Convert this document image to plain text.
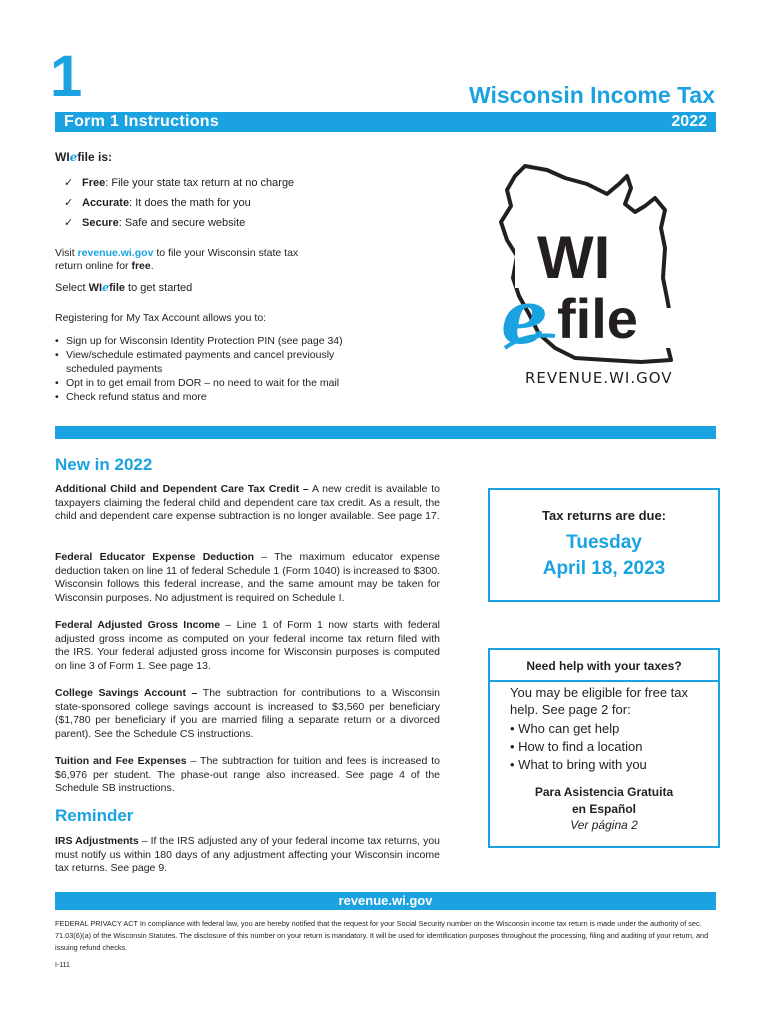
1	Wisconsin Income Tax
Form 1 Instructions	2022
WIefile is:
✓ Free: File your state tax return at no charge
✓ Accurate: It does the math for you
✓ Secure: Safe and secure website
Visit revenue.wi.gov to file your Wisconsin state tax return online for free.
Select WIefile to get started
Registering for My Tax Account allows you to:
• Sign up for Wisconsin Identity Protection PIN (see page 34)
• View/schedule estimated payments and cancel previously scheduled payments
• Opt in to get email from DOR – no need to wait for the mail
• Check refund status and more
WI
e file
REVENUE.WI.GOV
New in 2022
Additional Child and Dependent Care Tax Credit – A new credit is available to taxpayers claiming the federal child and dependent care tax credit. As a result, the child and dependent care expense subtraction is no longer available. See page 17.
Federal Educator Expense Deduction – The maximum educator expense deduction taken on line 11 of federal Schedule 1 (Form 1040) is increased to $300. Wisconsin follows this federal increase, and the same amount may be taken for Wisconsin purposes. No adjustment is required on Schedule I.
Federal Adjusted Gross Income – Line 1 of Form 1 now starts with federal adjusted gross income as computed on your federal income tax return filed with the IRS. Your federal adjusted gross income for Wisconsin purposes is computed on line 3 of Form 1. See page 13.
College Savings Account – The subtraction for contributions to a Wisconsin state-sponsored college savings account is increased to $3,560 per beneficiary ($1,780 per beneficiary if you are married filing a separate return or a divorced parent). See the Schedule CS instructions.
Tuition and Fee Expenses – The subtraction for tuition and fees is increased to $6,976 per student. The phase-out range also increased. See page 4 of the Schedule SB instructions.
Reminder
IRS Adjustments – If the IRS adjusted any of your federal income tax returns, you must notify us within 180 days of any adjustment affecting your Wisconsin income tax returns. See page 9.
Tax returns are due:
Tuesday
April 18, 2023
Need help with your taxes?
You may be eligible for free tax help. See page 2 for:
• Who can get help
• How to find a location
• What to bring with you
Para Asistencia Gratuita
en Español
Ver página 2
revenue.wi.gov
FEDERAL PRIVACY ACT In compliance with federal law, you are hereby notified that the request for your Social Security number on the Wisconsin income tax return is made under the authority of sec. 71.03(6)(a) of the Wisconsin Statutes. The disclosure of this number on your return is mandatory. It will be used for identification purposes throughout the processing, filing and auditing of your return, and issuing refund checks.
I-111
